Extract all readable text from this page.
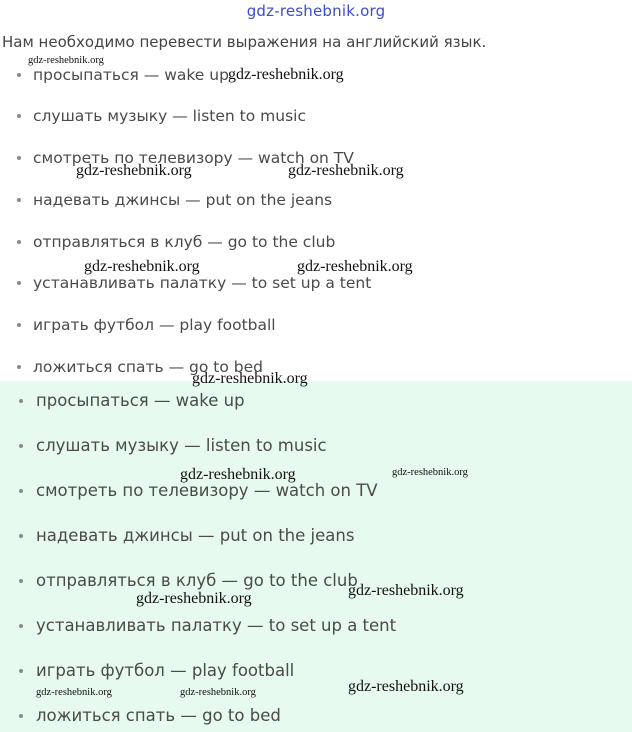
gdz-reshebnik.org
Нам необходимо перевести выражения на английский язык.
просыпаться — wake up
слушать музыку — listen to music
смотреть по телевизору — watch on TV
надевать джинсы — put on the jeans
отправляться в клуб — go to the club
устанавливать палатку — to set up a tent
играть футбол — play football
ложиться спать — go to bed
просыпаться — wake up
слушать музыку — listen to music
смотреть по телевизору — watch on TV
надевать джинсы — put on the jeans
отправляться в клуб — go to the club
устанавливать палатку — to set up a tent
играть футбол — play football
ложиться спать — go to bed
gdz-reshebnik.org
gdz-reshebnik.org
gdz-reshebnik.org	gdz-reshebnik.org
gdz-reshebnik.org	gdz-reshebnik.org
gdz-reshebnik.org
gdz-reshebnik.org	gdz-reshebnik.org
gdz-reshebnik.org	gdz-reshebnik.org
gdz-reshebnik.org	gdz-reshebnik.org	gdz-reshebnik.org
